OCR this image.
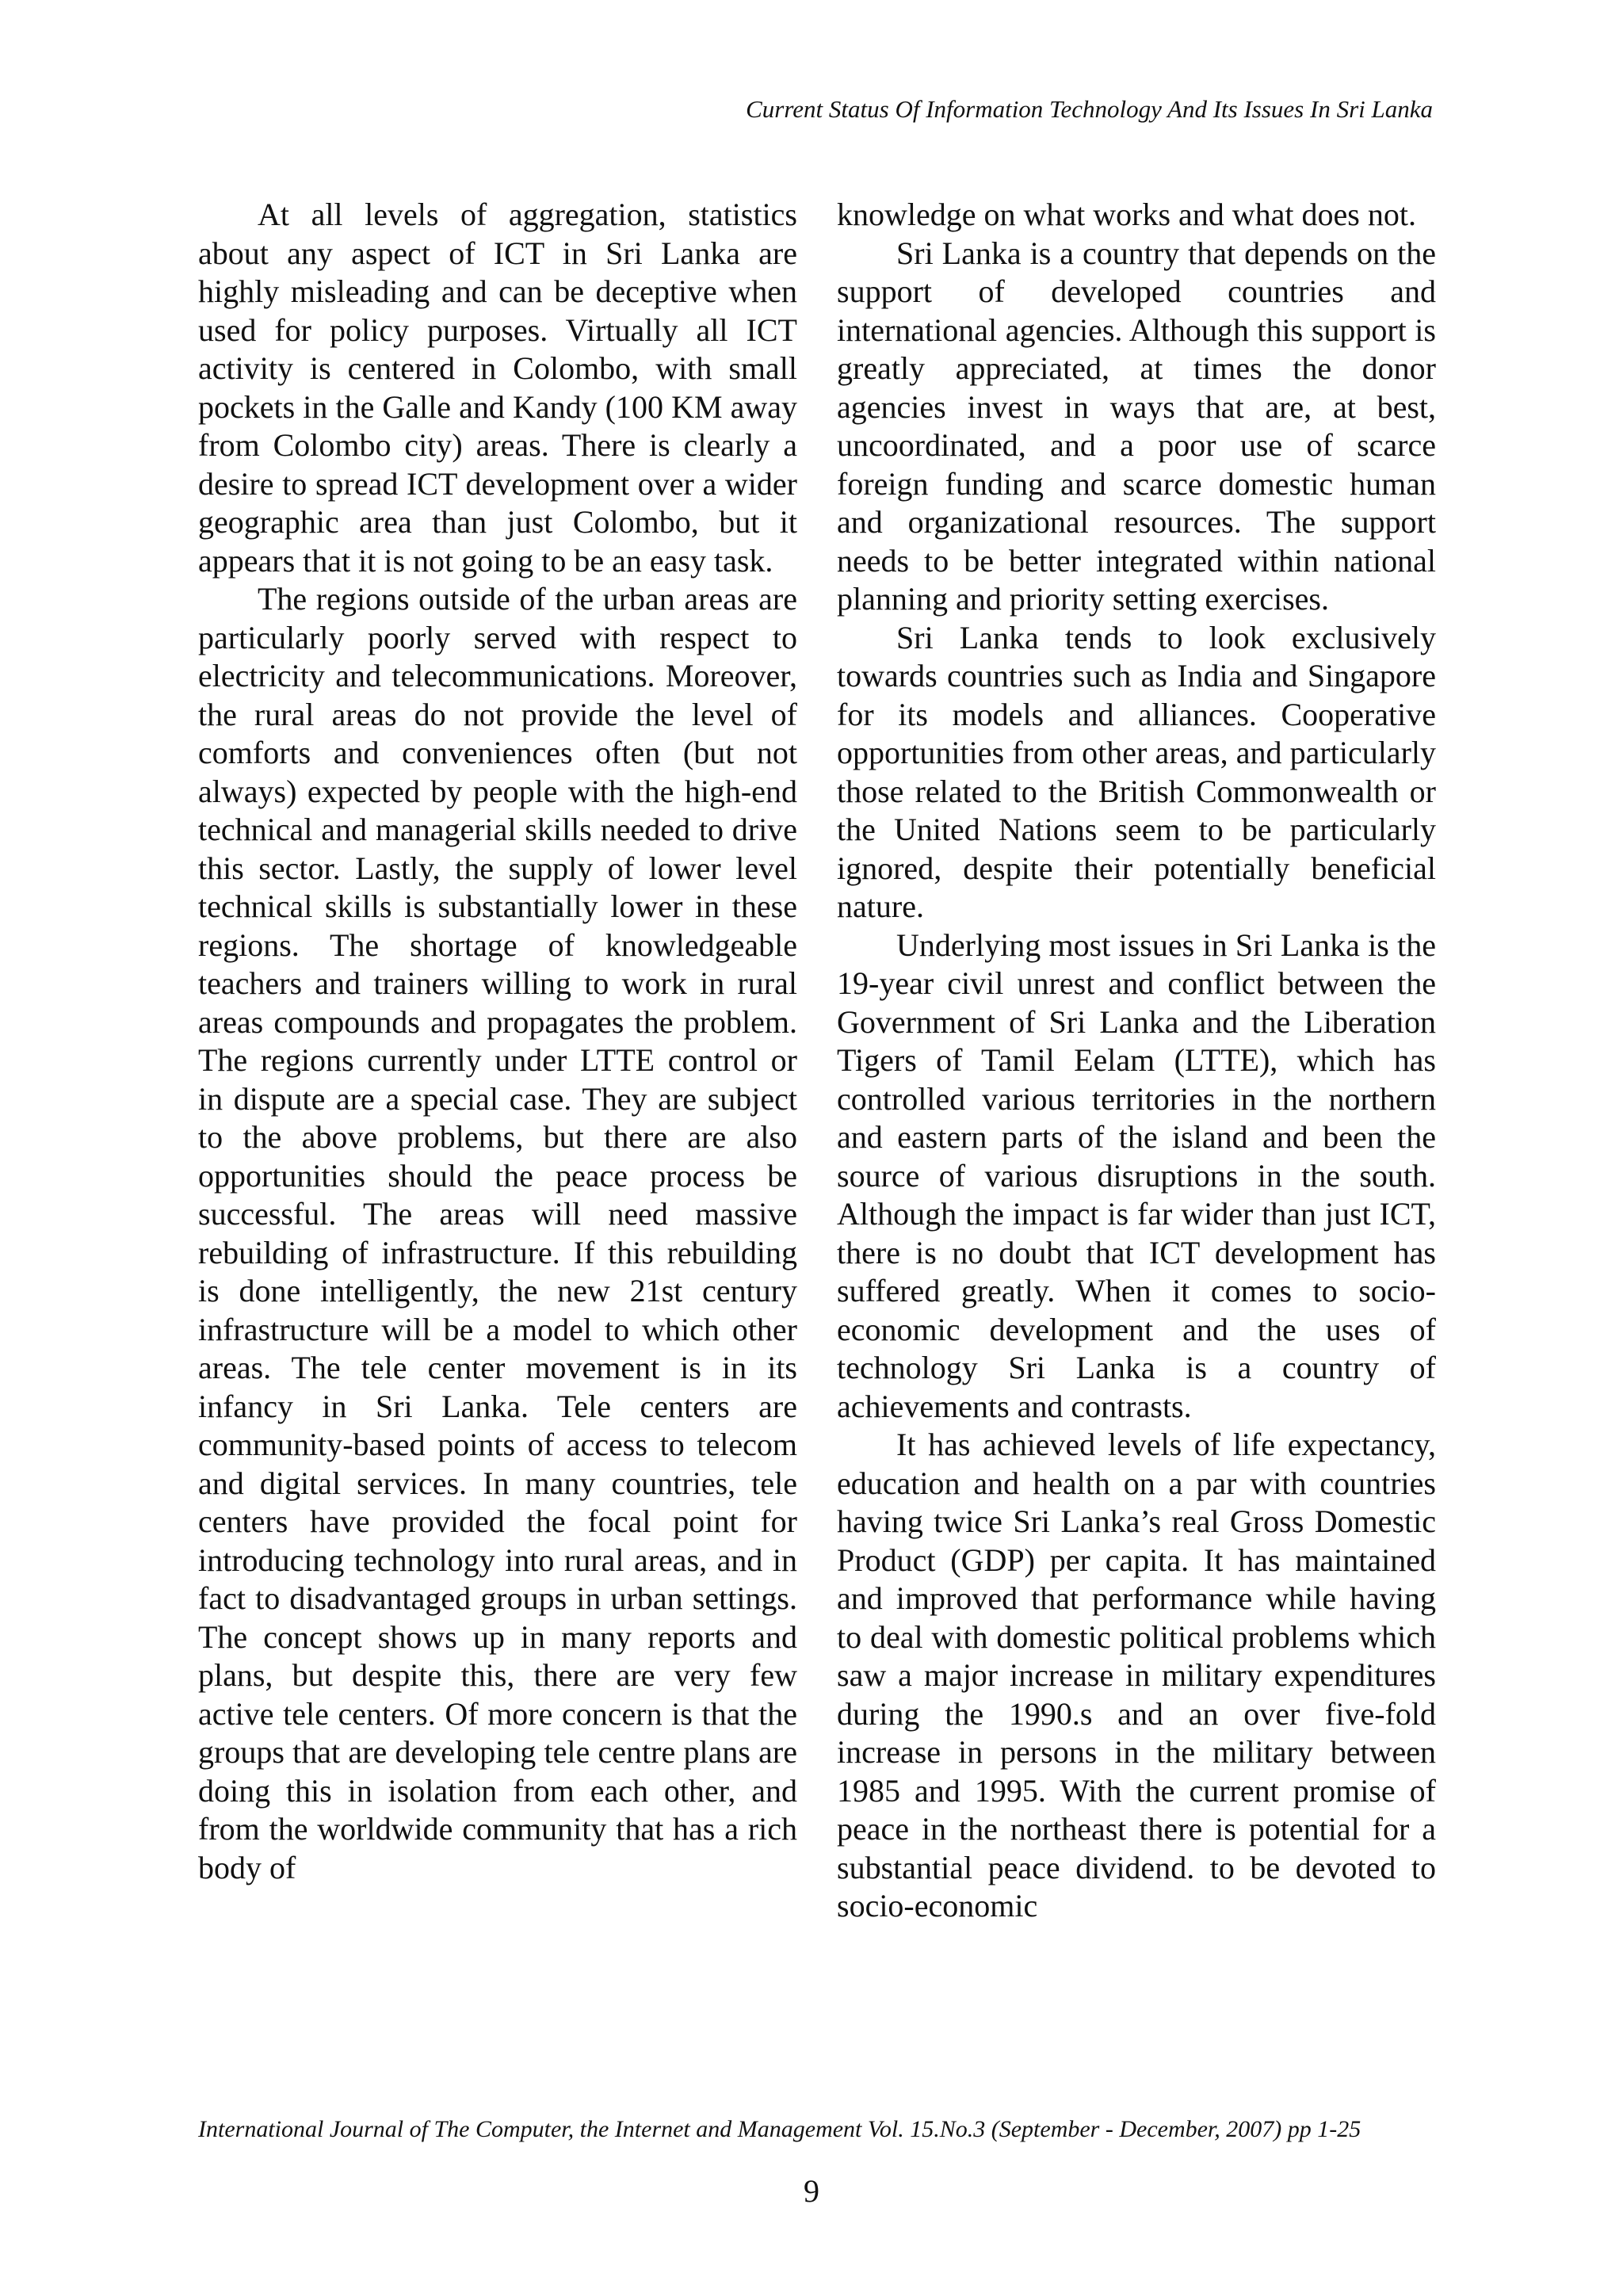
Current Status Of Information Technology And Its Issues In Sri Lanka

At all levels of aggregation, statistics about any aspect of ICT in Sri Lanka are highly misleading and can be deceptive when used for policy purposes. Virtually all ICT activity is centered in Colombo, with small pockets in the Galle and Kandy (100 KM away from Colombo city) areas. There is clearly a desire to spread ICT development over a wider geographic area than just Colombo, but it appears that it is not going to be an easy task.

The regions outside of the urban areas are particularly poorly served with respect to electricity and telecommunications. Moreover, the rural areas do not provide the level of comforts and conveniences often (but not always) expected by people with the high-end technical and managerial skills needed to drive this sector. Lastly, the supply of lower level technical skills is substantially lower in these regions. The shortage of knowledgeable teachers and trainers willing to work in rural areas compounds and propagates the problem. The regions currently under LTTE control or in dispute are a special case. They are subject to the above problems, but there are also opportunities should the peace process be successful. The areas will need massive rebuilding of infrastructure. If this rebuilding is done intelligently, the new 21st century infrastructure will be a model to which other areas. The tele center movement is in its infancy in Sri Lanka. Tele centers are community-based points of access to telecom and digital services. In many countries, tele centers have provided the focal point for introducing technology into rural areas, and in fact to disadvantaged groups in urban settings. The concept shows up in many reports and plans, but despite this, there are very few active tele centers. Of more concern is that the groups that are developing tele centre plans are doing this in isolation from each other, and from the worldwide community that has a rich body of

knowledge on what works and what does not.

Sri Lanka is a country that depends on the support of developed countries and international agencies. Although this support is greatly appreciated, at times the donor agencies invest in ways that are, at best, uncoordinated, and a poor use of scarce foreign funding and scarce domestic human and organizational resources. The support needs to be better integrated within national planning and priority setting exercises.

Sri Lanka tends to look exclusively towards countries such as India and Singapore for its models and alliances. Cooperative opportunities from other areas, and particularly those related to the British Commonwealth or the United Nations seem to be particularly ignored, despite their potentially beneficial nature.

Underlying most issues in Sri Lanka is the 19-year civil unrest and conflict between the Government of Sri Lanka and the Liberation Tigers of Tamil Eelam (LTTE), which has controlled various territories in the northern and eastern parts of the island and been the source of various disruptions in the south. Although the impact is far wider than just ICT, there is no doubt that ICT development has suffered greatly. When it comes to socio-economic development and the uses of technology Sri Lanka is a country of achievements and contrasts.

It has achieved levels of life expectancy, education and health on a par with countries having twice Sri Lanka’s real Gross Domestic Product (GDP) per capita. It has maintained and improved that performance while having to deal with domestic political problems which saw a major increase in military expenditures during the 1990.s and an over five-fold increase in persons in the military between 1985 and 1995. With the current promise of peace in the northeast there is potential for a substantial peace dividend. to be devoted to socio-economic

International Journal of The Computer, the Internet and Management Vol. 15.No.3 (September - December, 2007) pp 1-25
9
